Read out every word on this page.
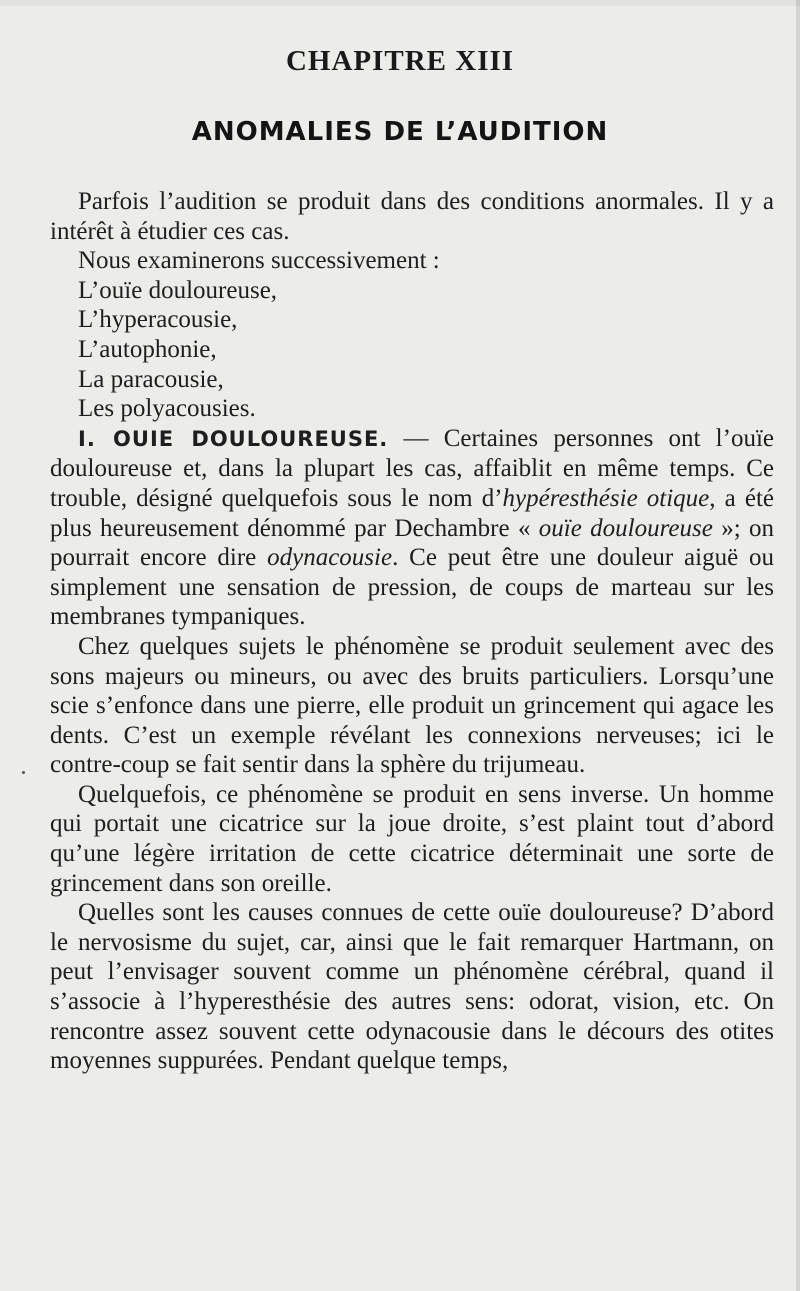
CHAPITRE XIII
ANOMALIES DE L’AUDITION

Parfois l’audition se produit dans des conditions anormales. Il y a intérêt à étudier ces cas.

Nous examinerons successivement :

L’ouïe douloureuse,
L’hyperacousie,
L’autophonie,
La paracousie,
Les polyacousies.

I. OUIE DOULOUREUSE. — Certaines personnes ont l’ouïe douloureuse et, dans la plupart les cas, affaiblit en même temps. Ce trouble, désigné quelquefois sous le nom d’hypéresthésie otique, a été plus heureusement dénommé par Dechambre « ouïe douloureuse »; on pourrait encore dire odynacousie. Ce peut être une douleur aiguë ou simplement une sensation de pression, de coups de marteau sur les membranes tympaniques.

Chez quelques sujets le phénomène se produit seulement avec des sons majeurs ou mineurs, ou avec des bruits particuliers. Lorsqu’une scie s’enfonce dans une pierre, elle produit un grincement qui agace les dents. C’est un exemple révélant les connexions nerveuses; ici le contre-coup se fait sentir dans la sphère du trijumeau.

Quelquefois, ce phénomène se produit en sens inverse. Un homme qui portait une cicatrice sur la joue droite, s’est plaint tout d’abord qu’une légère irritation de cette cicatrice déterminait une sorte de grincement dans son oreille.

Quelles sont les causes connues de cette ouïe douloureuse? D’abord le nervosisme du sujet, car, ainsi que le fait remarquer Hartmann, on peut l’envisager souvent comme un phénomène cérébral, quand il s’associe à l’hyperesthésie des autres sens: odorat, vision, etc. On rencontre assez souvent cette odynacousie dans le décours des otites moyennes suppurées. Pendant quelque temps,
